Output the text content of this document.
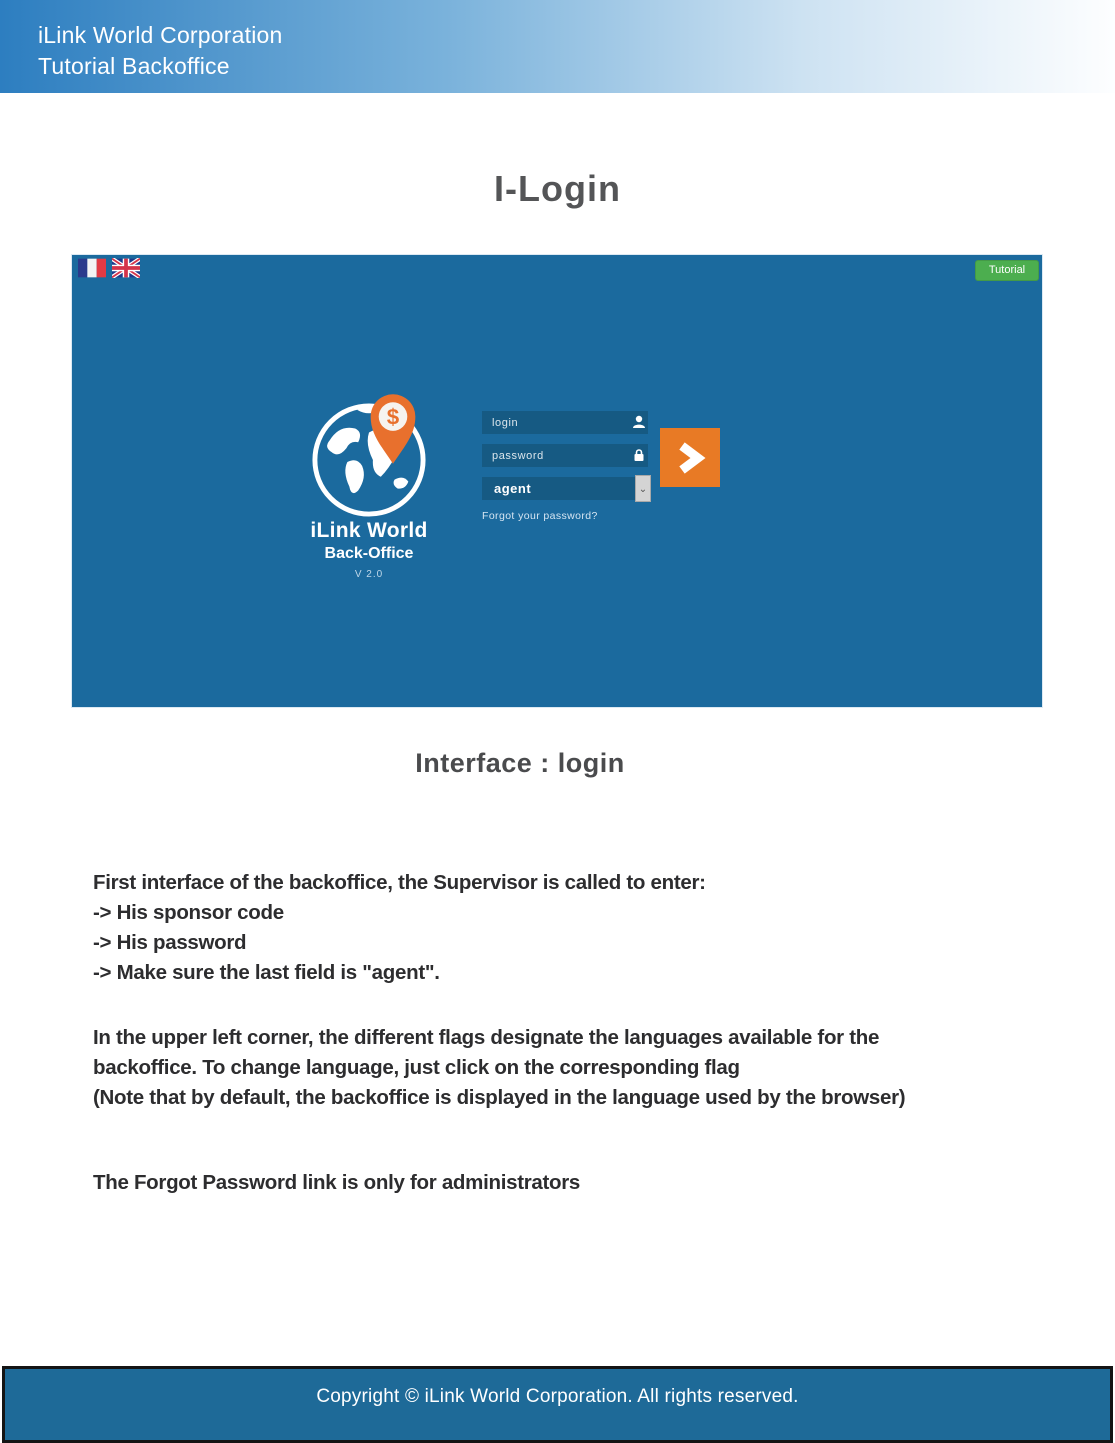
iLink World Corporation
Tutorial Backoffice
I-Login
Tutorial
$
iLink World
Back-Office
V 2.0
login
password
agent	⌄
Forgot your password?
Interface : login
First interface of the backoffice, the Supervisor is called to enter:
-> His sponsor code
-> His password
-> Make sure the last field is "agent".
In the upper left corner, the different flags designate the languages available for the
backoffice. To change language, just click on the corresponding flag
(Note that by default, the backoffice is displayed in the language used by the browser)
The Forgot Password link is only for administrators
Copyright © iLink World Corporation. All rights reserved.
